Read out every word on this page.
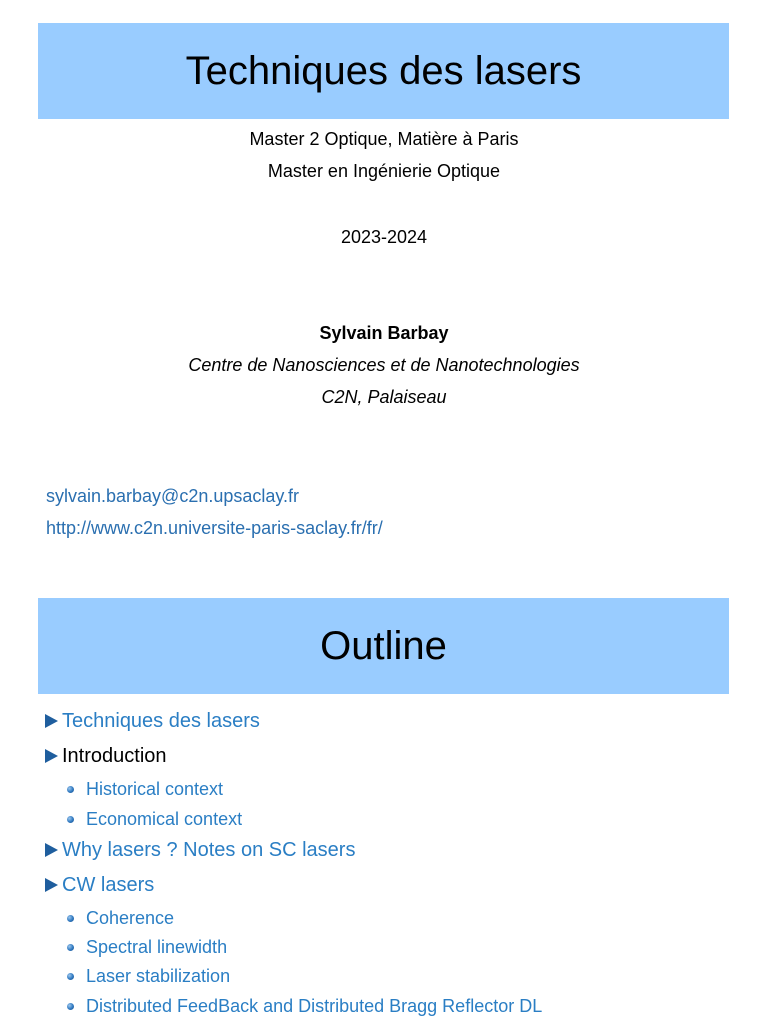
Techniques des lasers
Master 2 Optique, Matière à Paris
Master en Ingénierie Optique
2023-2024
Sylvain Barbay
Centre de Nanosciences et de Nanotechnologies
C2N, Palaiseau
sylvain.barbay@c2n.upsaclay.fr
http://www.c2n.universite-paris-saclay.fr/fr/
Outline
Techniques des lasers
Introduction
Historical context
Economical context
Why lasers ? Notes on SC lasers
CW lasers
Coherence
Spectral linewidth
Laser stabilization
Distributed FeedBack and Distributed Bragg Reflector DL
